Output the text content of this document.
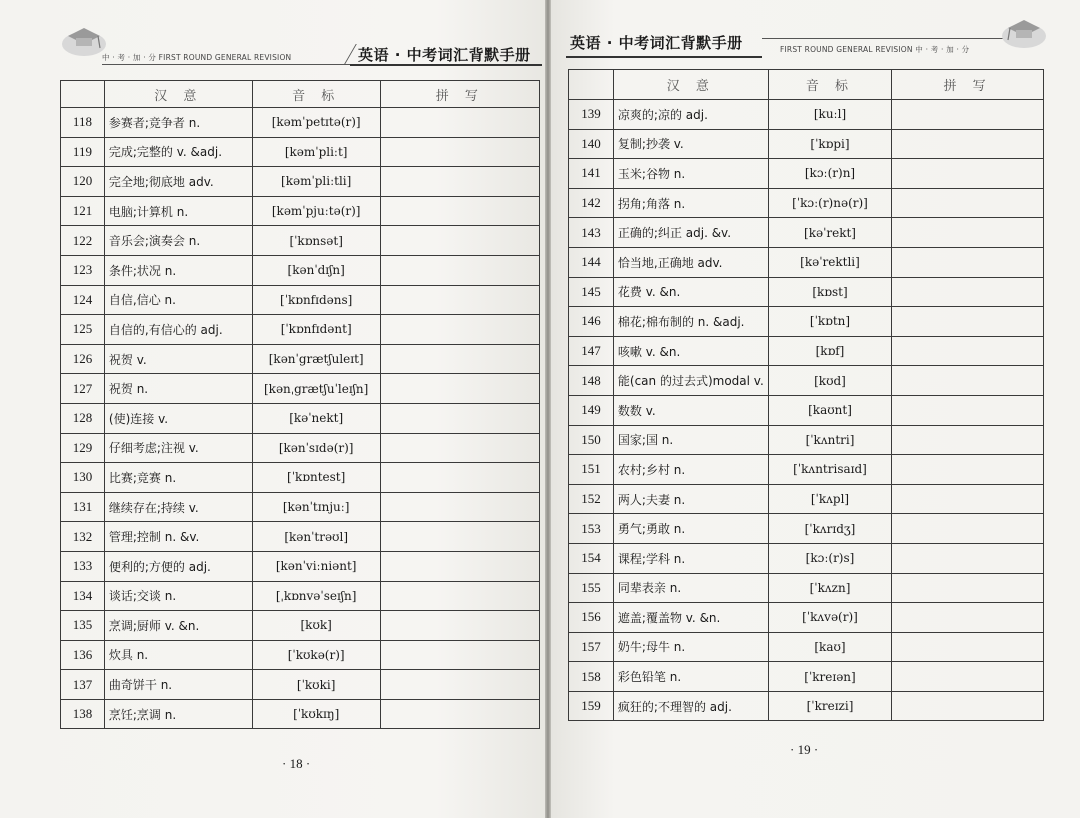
中 · 考 · 加 · 分 FIRST ROUND GENERAL REVISION	英语 · 中考词汇背默手册
英语 · 中考词汇背默手册	FIRST ROUND GENERAL REVISION 中 · 考 · 加 · 分
	汉 意	音 标	拼 写
118	参赛者;竞争者 n.	[kəmˈpetɪtə(r)]	
119	完成;完整的 v. &adj.	[kəmˈpliːt]	
120	完全地;彻底地 adv.	[kəmˈpliːtli]	
121	电脑;计算机 n.	[kəmˈpjuːtə(r)]	
122	音乐会;演奏会 n.	[ˈkɒnsət]	
123	条件;状况 n.	[kənˈdɪʃn]	
124	自信,信心 n.	[ˈkɒnfɪdəns]	
125	自信的,有信心的 adj.	[ˈkɒnfɪdənt]	
126	祝贺 v.	[kənˈgrætʃuleɪt]	
127	祝贺 n.	[kənˌgrætʃuˈleɪʃn]	
128	(使)连接 v.	[kəˈnekt]	
129	仔细考虑;注视 v.	[kənˈsɪdə(r)]	
130	比赛;竞赛 n.	[ˈkɒntest]	
131	继续存在;持续 v.	[kənˈtɪnjuː]	
132	管理;控制 n. &v.	[kənˈtrəʊl]	
133	便利的;方便的 adj.	[kənˈviːniənt]	
134	谈话;交谈 n.	[ˌkɒnvəˈseɪʃn]	
135	烹调;厨师 v. &n.	[kʊk]	
136	炊具 n.	[ˈkʊkə(r)]	
137	曲奇饼干 n.	[ˈkʊki]	
138	烹饪;烹调 n.	[ˈkʊkɪŋ]	
	汉 意	音 标	拼 写
139	凉爽的;凉的 adj.	[kuːl]	
140	复制;抄袭 v.	[ˈkɒpi]	
141	玉米;谷物 n.	[kɔː(r)n]	
142	拐角;角落 n.	[ˈkɔː(r)nə(r)]	
143	正确的;纠正 adj. &v.	[kəˈrekt]	
144	恰当地,正确地 adv.	[kəˈrektli]	
145	花费 v. &n.	[kɒst]	
146	棉花;棉布制的 n. &adj.	[ˈkɒtn]	
147	咳嗽 v. &n.	[kɒf]	
148	能(can 的过去式)modal v.	[kʊd]	
149	数数 v.	[kaʊnt]	
150	国家;国 n.	[ˈkʌntri]	
151	农村;乡村 n.	[ˈkʌntrisaɪd]	
152	两人;夫妻 n.	[ˈkʌpl]	
153	勇气;勇敢 n.	[ˈkʌrɪdʒ]	
154	课程;学科 n.	[kɔː(r)s]	
155	同辈表亲 n.	[ˈkʌzn]	
156	遮盖;覆盖物 v. &n.	[ˈkʌvə(r)]	
157	奶牛;母牛 n.	[kaʊ]	
158	彩色铅笔 n.	[ˈkreɪən]	
159	疯狂的;不理智的 adj.	[ˈkreɪzi]	
· 18 ·
· 19 ·
